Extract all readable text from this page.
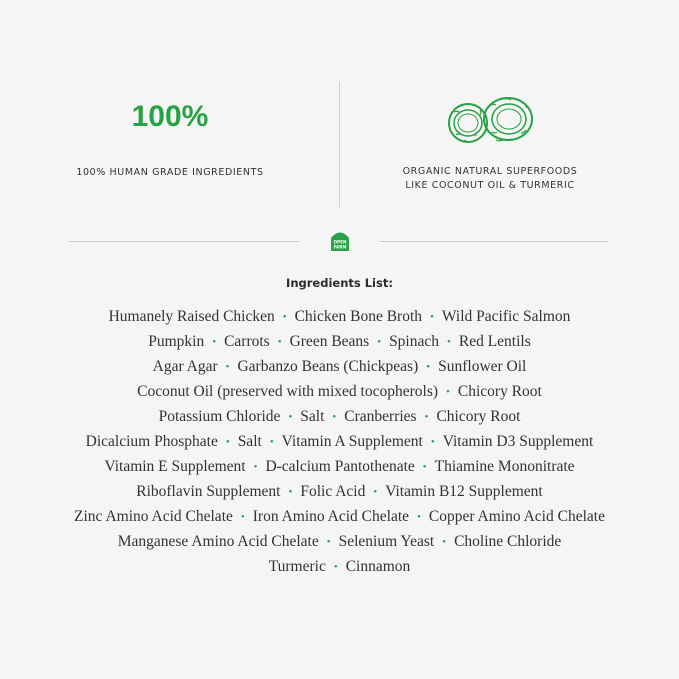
100%
100% HUMAN GRADE INGREDIENTS	ORGANIC NATURAL SUPERFOODS
LIKE COCONUT OIL & TURMERIC
OPEN
FARM
Ingredients List:
Humanely Raised Chicken • Chicken Bone Broth • Wild Pacific Salmon
Pumpkin • Carrots • Green Beans • Spinach • Red Lentils
Agar Agar • Garbanzo Beans (Chickpeas) • Sunflower Oil
Coconut Oil (preserved with mixed tocopherols) • Chicory Root
Potassium Chloride • Salt • Cranberries • Chicory Root
Dicalcium Phosphate • Salt • Vitamin A Supplement • Vitamin D3 Supplement
Vitamin E Supplement • D-calcium Pantothenate • Thiamine Mononitrate
Riboflavin Supplement • Folic Acid • Vitamin B12 Supplement
Zinc Amino Acid Chelate • Iron Amino Acid Chelate • Copper Amino Acid Chelate
Manganese Amino Acid Chelate • Selenium Yeast • Choline Chloride
Turmeric • Cinnamon
